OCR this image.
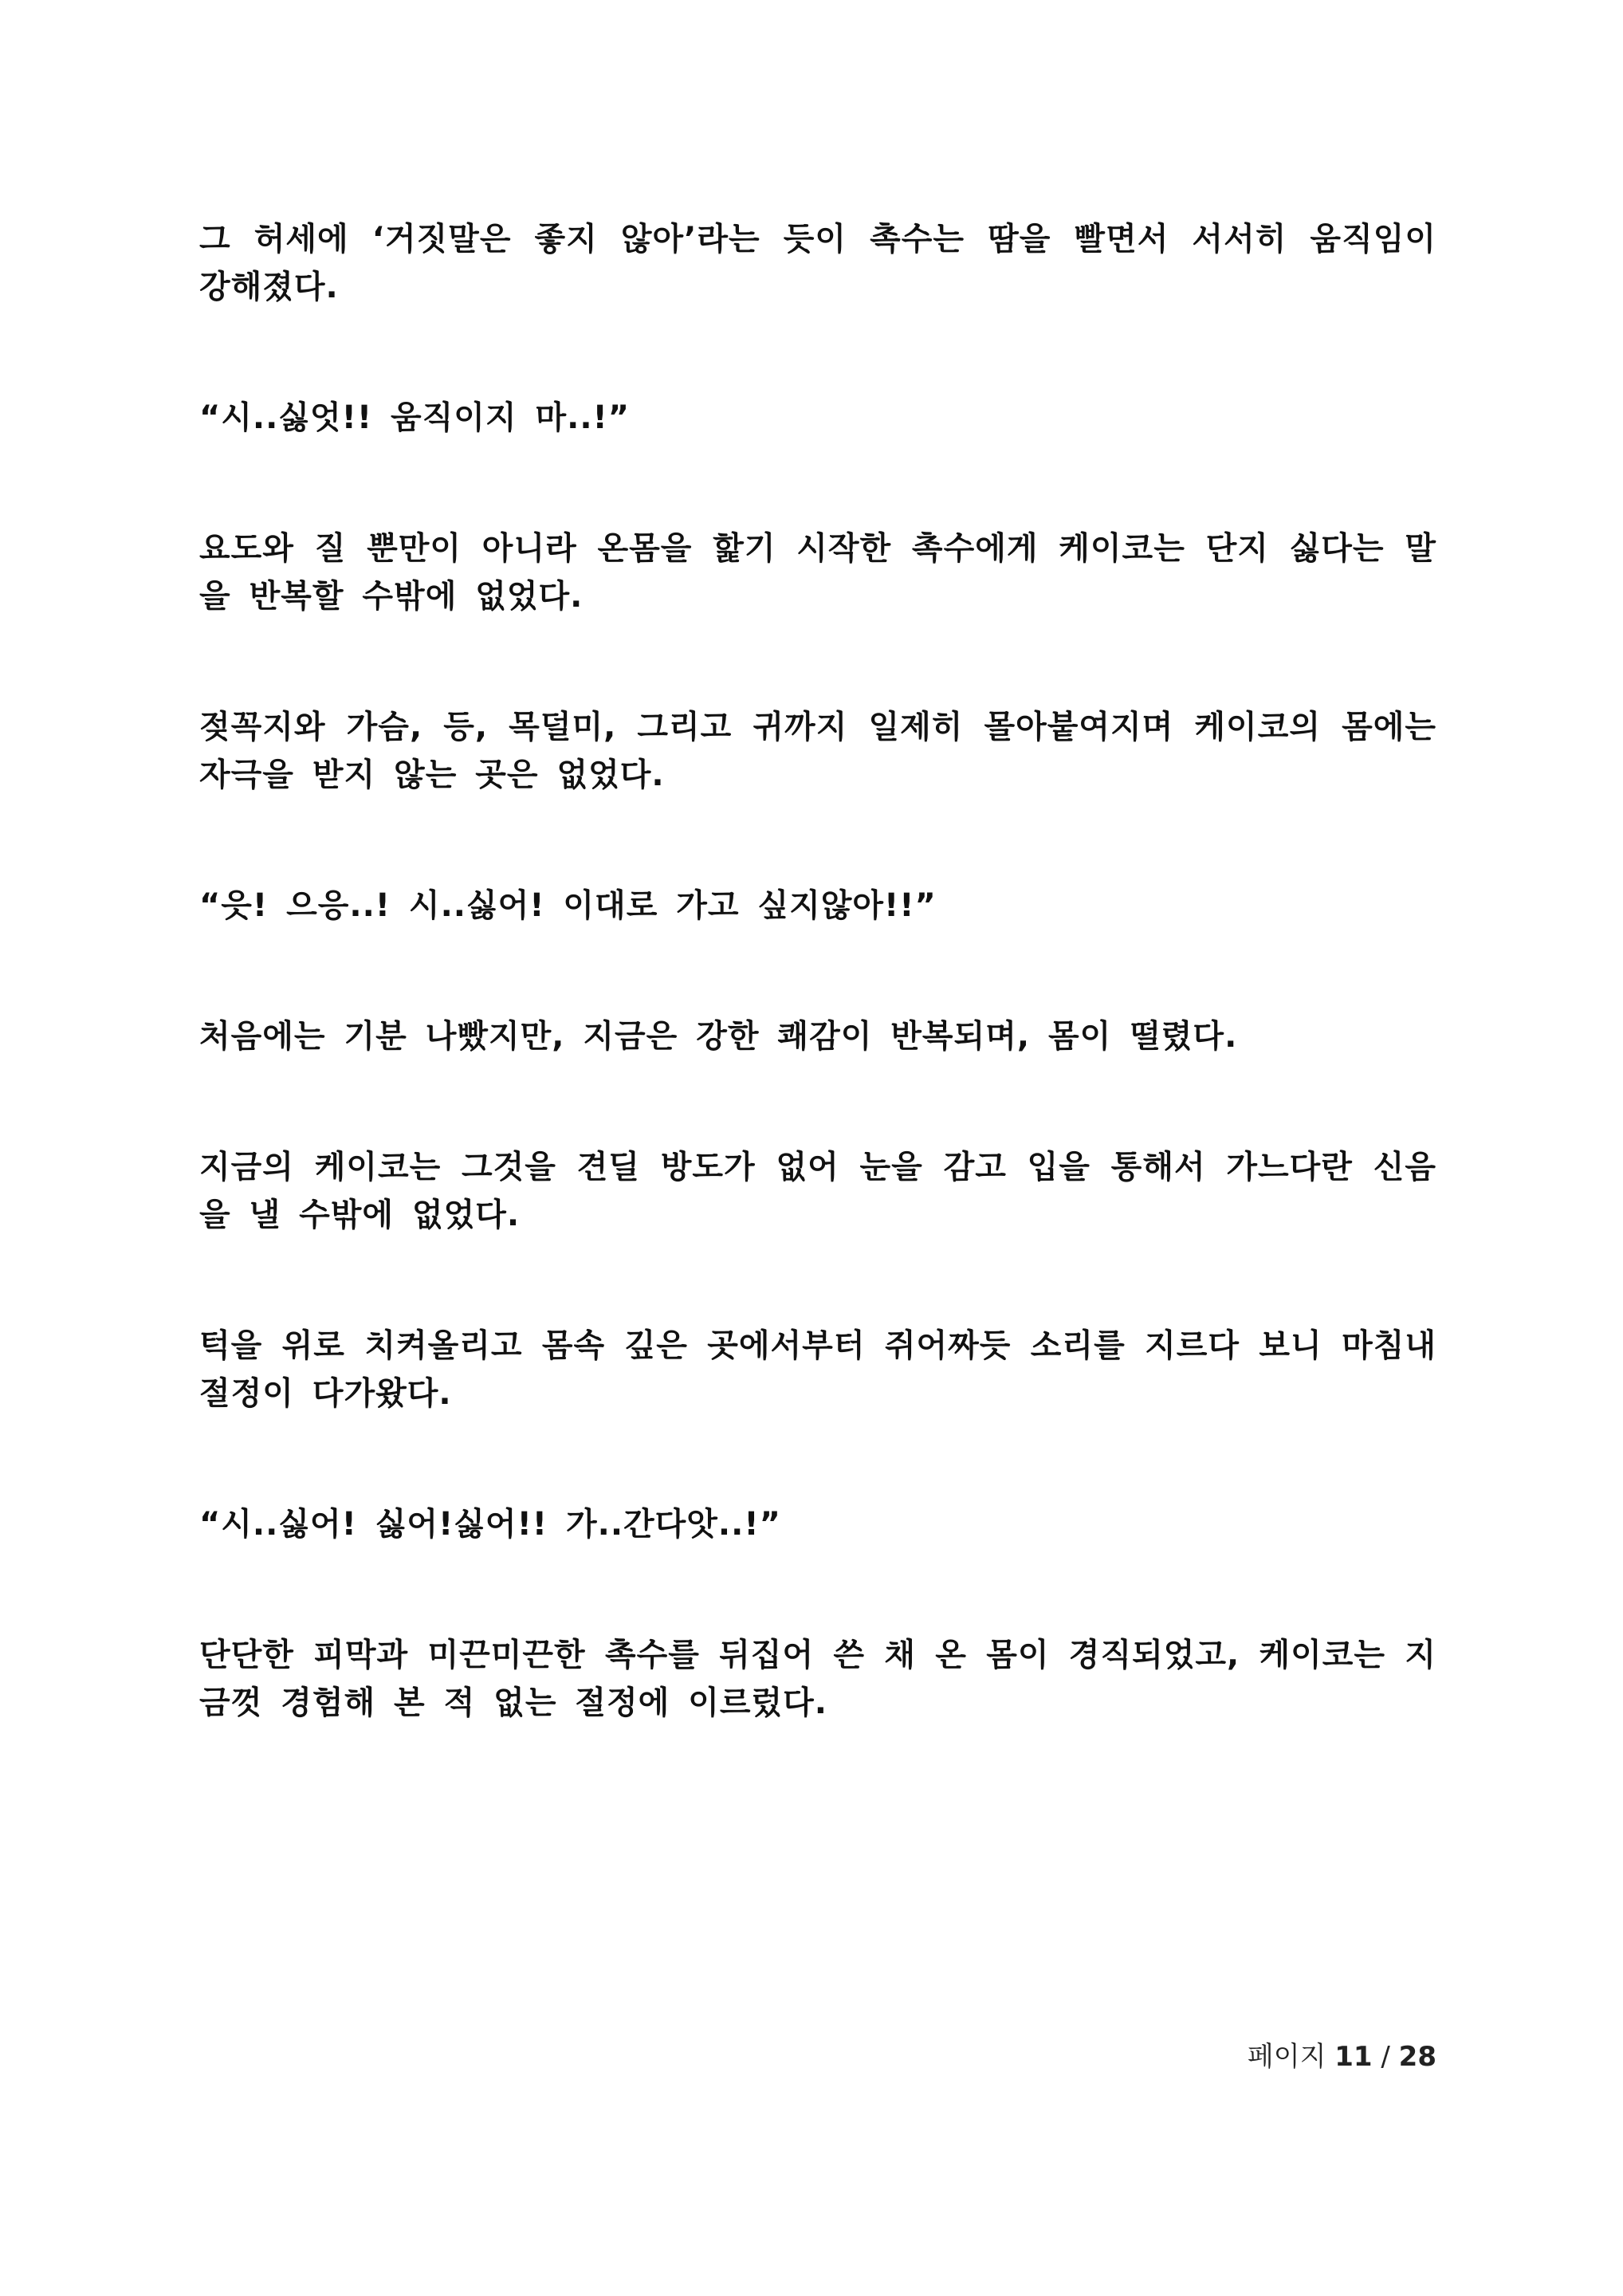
그 허세에 ‘거짓말은 좋지 않아’라는 듯이 촉수는 땀을 빨면서 서서히 움직임이 강해졌다.

“시..싫엇!! 움직이지 마..!”

요도와 질 뿐만이 아니라 온몸을 핥기 시작한 촉수에게 케이코는 단지 싫다는 말을 반복할 수밖에 없었다.

젖꼭지와 가슴, 등, 목덜미, 그리고 귀까지 일제히 몰아붙여지며 케이코의 몸에는 자극을 받지 않는 곳은 없었다.

“읏! 으응..! 시..싫어! 이대로 가고 싶지않아!!”

처음에는 기분 나빴지만, 지금은 강한 쾌감이 반복되며, 몸이 떨렸다.

지금의 케이코는 그것을 견딜 방도가 없어 눈을 감고 입을 통해서 가느다란 신음을 낼 수밖에 없었다.

턱을 위로 치켜올리고 몸속 깊은 곳에서부터 쥐어짜듯 소리를 지르다 보니 마침내 절정이 다가왔다.

“시..싫어! 싫어!싫어!! 가..간다앗..!”

단단한 피막과 미끈미끈한 촉수를 뒤집어 쓴 채 온 몸이 경직되었고, 케이코는 지금껏 경험해 본 적 없는 절정에 이르렀다.

페이지 11 / 28
